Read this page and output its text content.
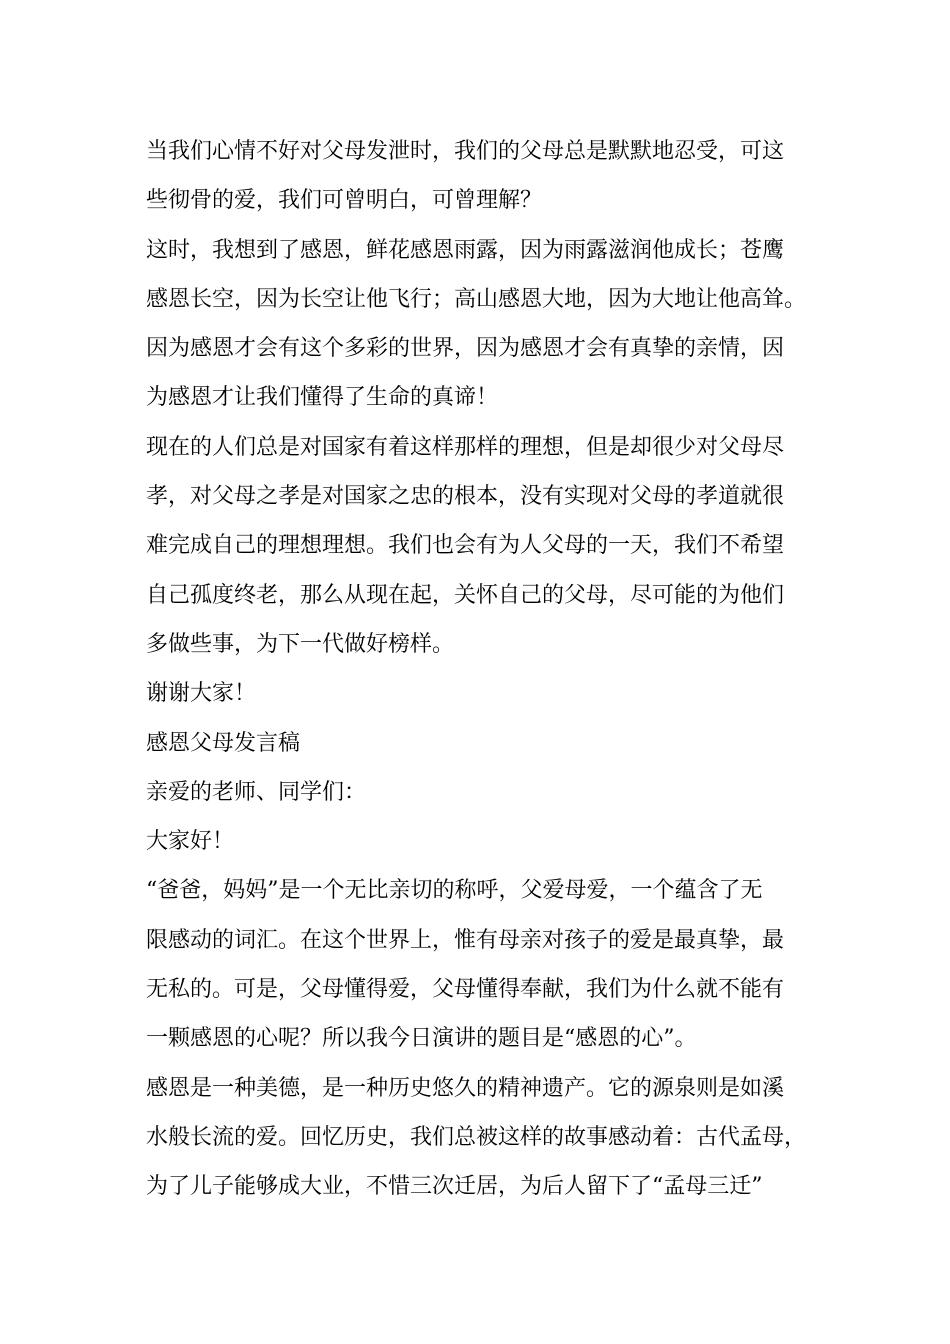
当我们心情不好对父母发泄时，我们的父母总是默默地忍受，可这
些彻骨的爱，我们可曾明白，可曾理解？
这时，我想到了感恩，鲜花感恩雨露，因为雨露滋润他成长；苍鹰
感恩长空，因为长空让他飞行；高山感恩大地，因为大地让他高耸。
因为感恩才会有这个多彩的世界，因为感恩才会有真挚的亲情，因
为感恩才让我们懂得了生命的真谛！
现在的人们总是对国家有着这样那样的理想，但是却很少对父母尽
孝，对父母之孝是对国家之忠的根本，没有实现对父母的孝道就很
难完成自己的理想理想。我们也会有为人父母的一天，我们不希望
自己孤度终老，那么从现在起，关怀自己的父母，尽可能的为他们
多做些事，为下一代做好榜样。
谢谢大家！
感恩父母发言稿
亲爱的老师、同学们：
大家好！
“爸爸，妈妈”是一个无比亲切的称呼，父爱母爱，一个蕴含了无
限感动的词汇。在这个世界上，惟有母亲对孩子的爱是最真挚，最
无私的。可是，父母懂得爱，父母懂得奉献，我们为什么就不能有
一颗感恩的心呢？所以我今日演讲的题目是“感恩的心”。
感恩是一种美德，是一种历史悠久的精神遗产。它的源泉则是如溪
水般长流的爱。回忆历史，我们总被这样的故事感动着：古代孟母，
为了儿子能够成大业，不惜三次迁居，为后人留下了“孟母三迁”
